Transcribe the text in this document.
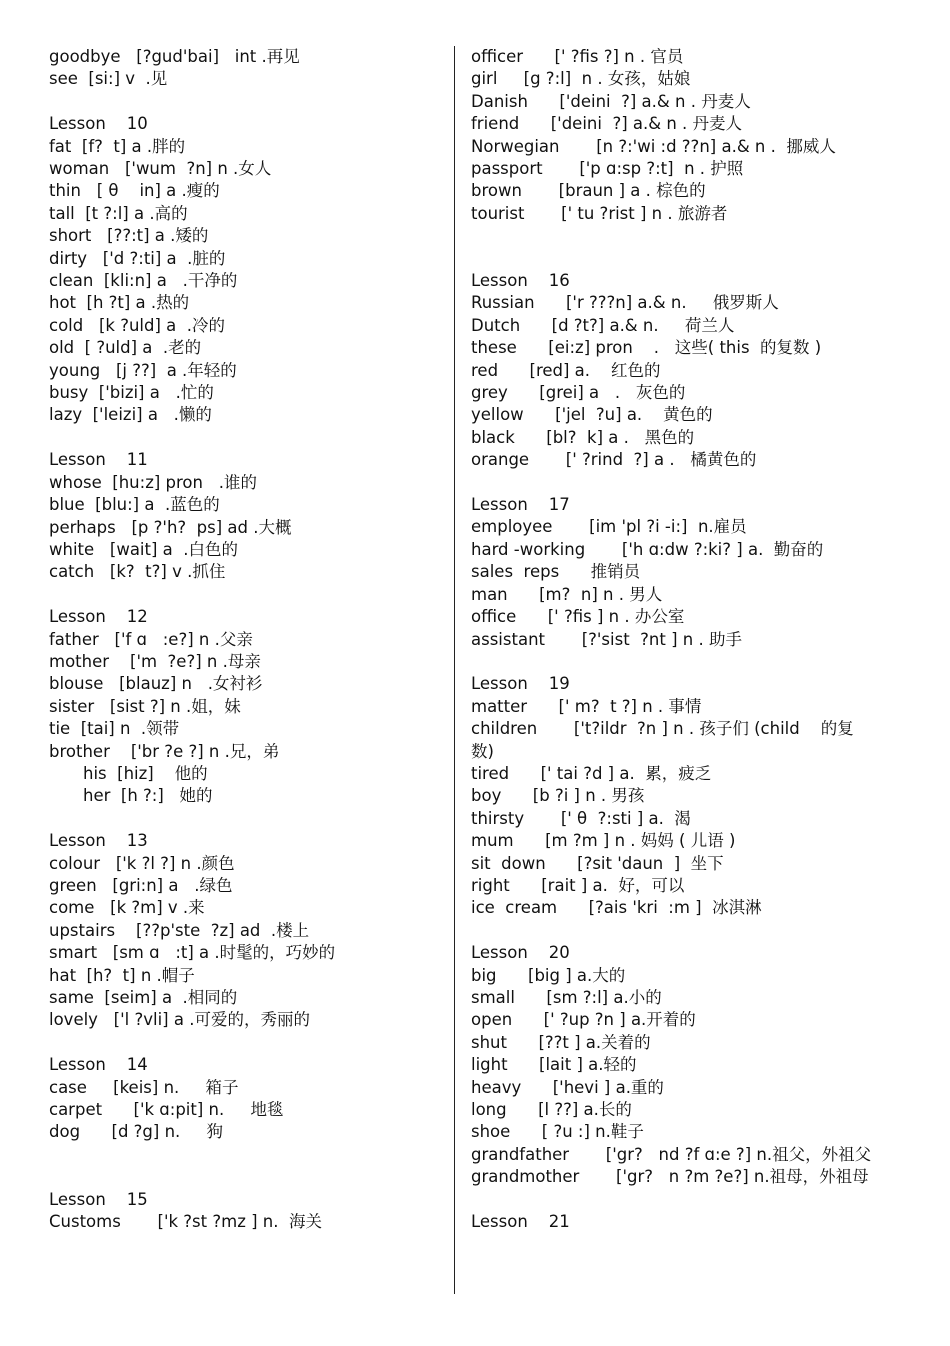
goodbye   [?gud'bai]   int .再见
see  [si:] v  .见
Lesson    10
fat  [f?  t] a .胖的
woman   ['wum  ?n] n .女人
thin   [ θ    in] a .瘦的
tall  [t ?:l] a .高的
short   [??:t] a .矮的
dirty   ['d ?:ti] a  .脏的
clean  [kli:n] a   .干净的
hot  [h ?t] a .热的
cold   [k ?uld] a  .冷的
old  [ ?uld] a  .老的
young   [j ??]  a .年轻的
busy  ['bizi] a   .忙的
lazy  ['leizi] a   .懒的
Lesson    11
whose  [hu:z] pron   .谁的
blue  [blu:] a  .蓝色的
perhaps   [p ?'h?  ps] ad .大概
white   [wait] a  .白色的
catch   [k?  t?] v .抓住
Lesson    12
father   ['f ɑ   :e?] n .父亲
mother    ['m  ?e?] n .母亲
blouse   [blauz] n   .女衬衫
sister   [sist ?] n .姐，妹
tie  [tai] n  .领带
brother    ['br ?e ?] n .兄，弟
his  [hiz]    他的
her  [h ?:]   她的
Lesson    13
colour   ['k ?l ?] n .颜色
green   [gri:n] a   .绿色
come   [k ?m] v .来
upstairs    [??p'ste  ?z] ad  .楼上
smart   [sm ɑ   :t] a .时髦的，巧妙的
hat  [h?  t] n .帽子
same  [seim] a  .相同的
lovely   ['l ?vli] a .可爱的，秀丽的
Lesson    14
case     [keis] n.     箱子
carpet      ['k ɑ:pit] n.     地毯
dog      [d ?g] n.     狗
Lesson    15
Customs       ['k ?st ?mz ] n.  海关
officer      [' ?fis ?] n . 官员
girl     [g ?:l]  n . 女孩，姑娘
Danish      ['deini  ?] a.& n . 丹麦人
friend      ['deini  ?] a.& n . 丹麦人
Norwegian       [n ?:'wi :d ??n] a.& n .  挪威人
passport       ['p ɑ:sp ?:t]  n . 护照
brown       [braun ] a . 棕色的
tourist       [' tu ?rist ] n . 旅游者
Lesson    16
Russian      ['r ???n] a.& n.     俄罗斯人
Dutch      [d ?t?] a.& n.     荷兰人
these      [ei:z] pron    .   这些( this  的复数 )
red      [red] a.    红色的
grey      [grei] a   .   灰色的
yellow      ['jel  ?u] a.    黄色的
black      [bl?  k] a .   黑色的
orange       [' ?rind  ?] a .   橘黄色的
Lesson    17
employee       [im 'pl ?i -i:]  n.雇员
hard -working       ['h ɑ:dw ?:ki? ] a.  勤奋的
sales  reps      推销员
man      [m?  n] n . 男人
office      [' ?fis ] n . 办公室
assistant       [?'sist  ?nt ] n . 助手
Lesson    19
matter      [' m?  t ?] n . 事情
children       ['t?ildr  ?n ] n . 孩子们 (child    的复数)
tired      [' tai ?d ] a.  累，疲乏
boy      [b ?i ] n . 男孩
thirsty       [' θ  ?:sti ] a.  渴
mum      [m ?m ] n . 妈妈 ( 儿语 )
sit  down      [?sit 'daun  ]  坐下
right      [rait ] a.  好，可以
ice  cream      [?ais 'kri  :m ]  冰淇淋
Lesson    20
big      [big ] a.大的
small      [sm ?:l] a.小的
open      [' ?up ?n ] a.开着的
shut      [??t ] a.关着的
light      [lait ] a.轻的
heavy      ['hevi ] a.重的
long      [l ??] a.长的
shoe      [ ?u :] n.鞋子
grandfather       ['gr?   nd ?f ɑ:e ?] n.祖父，外祖父
grandmother       ['gr?   n ?m ?e?] n.祖母，外祖母
Lesson    21
